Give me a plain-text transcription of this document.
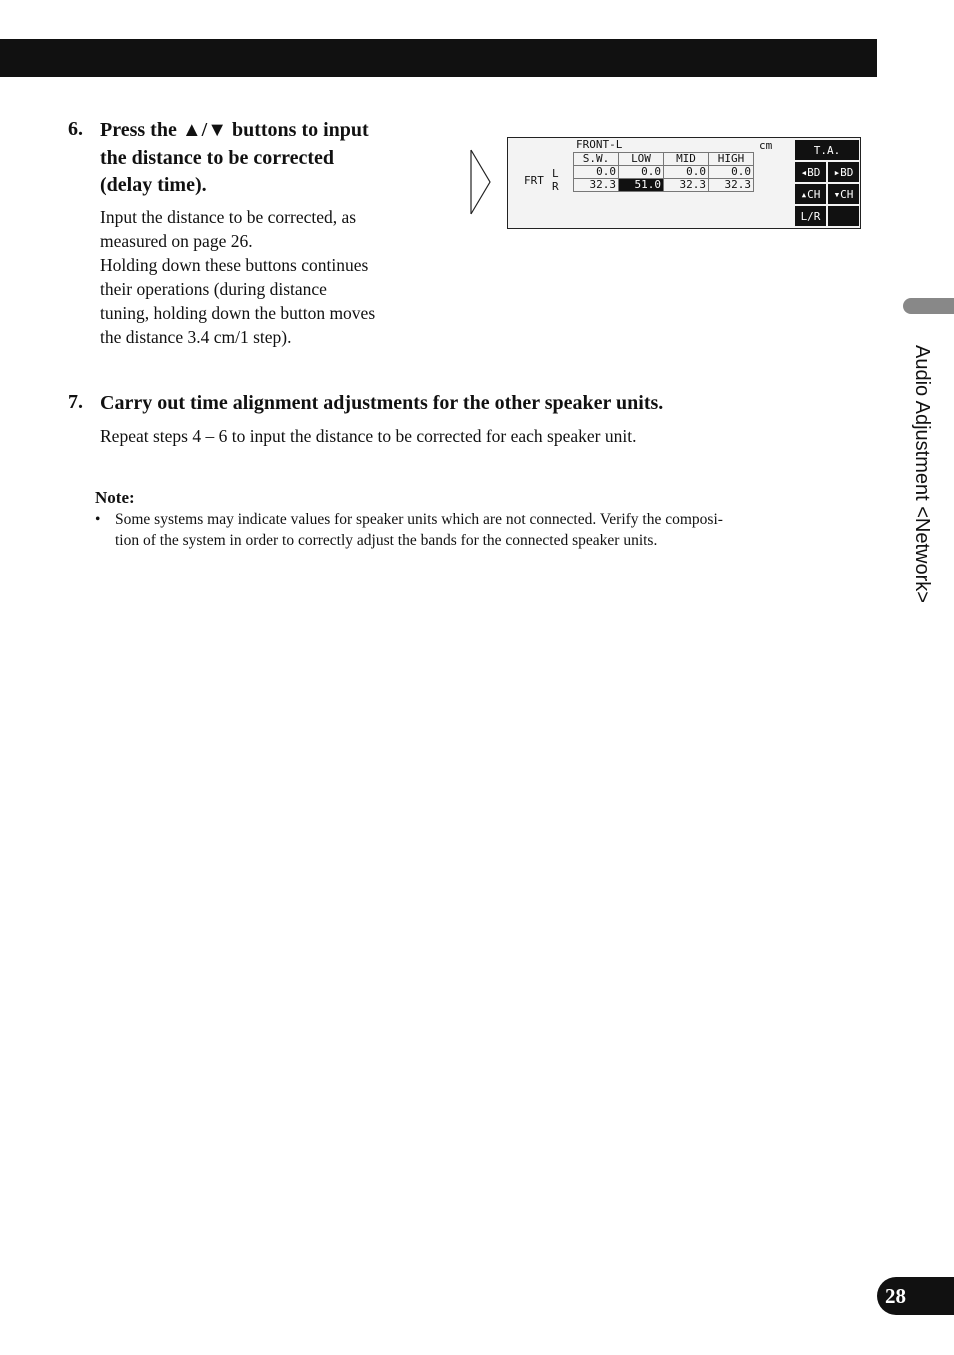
6. Press the ▲/▼ buttons to input
the distance to be corrected
(delay time).
Input the distance to be corrected, as
measured on page 26.
Holding down these buttons continues
their operations (during distance
tuning, holding down the button moves
the distance 3.4 cm/1 step).
FRONT-L	cm
FRT
L
R
S.W.	LOW	MID	HIGH
0.0	0.0	0.0	0.0
32.3	51.0	32.3	32.3
T.A.
◂BD	▸BD
▴CH	▾CH
L/R
7. Carry out time alignment adjustments for the other speaker units.
Repeat steps 4 – 6 to input the distance to be corrected for each speaker unit.
Note:
• Some systems may indicate values for speaker units which are not connected. Verify the composi-
tion of the system in order to correctly adjust the bands for the connected speaker units.	Audio Adjustment <Network>
28
